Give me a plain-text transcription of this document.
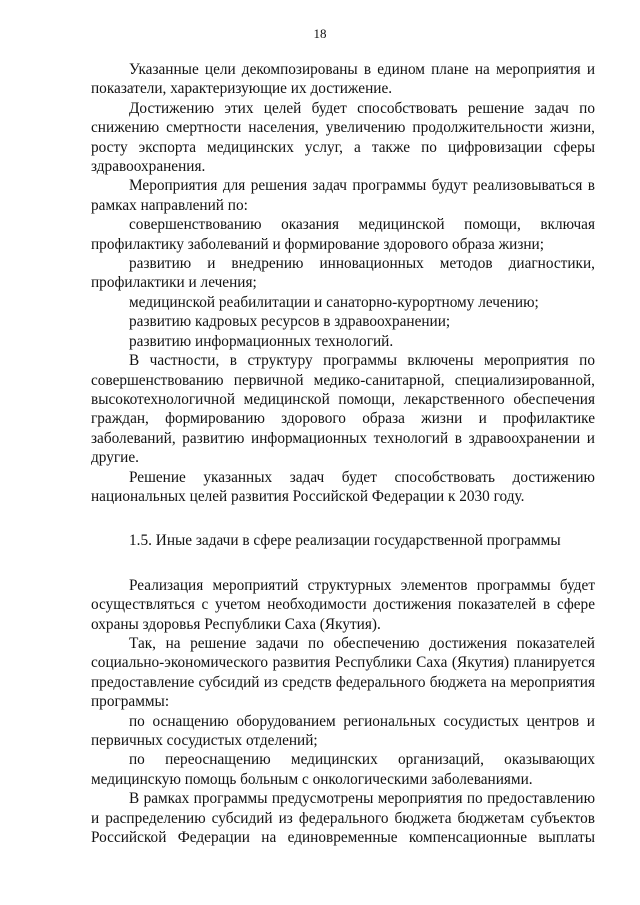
18

Указанные цели декомпозированы в едином плане на мероприятия и показатели, характеризующие их достижение.

Достижению этих целей будет способствовать решение задач по снижению смертности населения, увеличению продолжительности жизни, росту экспорта медицинских услуг, а также по цифровизации сферы здравоохранения.

Мероприятия для решения задач программы будут реализовываться в рамках направлений по:

совершенствованию оказания медицинской помощи, включая профилактику заболеваний и формирование здорового образа жизни;

развитию и внедрению инновационных методов диагностики, профилактики и лечения;

медицинской реабилитации и санаторно-курортному лечению;

развитию кадровых ресурсов в здравоохранении;

развитию информационных технологий.

В частности, в структуру программы включены мероприятия по совершенствованию первичной медико-санитарной, специализированной, высокотехнологичной медицинской помощи, лекарственного обеспечения граждан, формированию здорового образа жизни и профилактике заболеваний, развитию информационных технологий в здравоохранении и другие.

Решение указанных задач будет способствовать достижению национальных целей развития Российской Федерации к 2030 году.

1.5. Иные задачи в сфере реализации государственной программы

Реализация мероприятий структурных элементов программы будет осуществляться с учетом необходимости достижения показателей в сфере охраны здоровья Республики Саха (Якутия).

Так, на решение задачи по обеспечению достижения показателей социально-экономического развития Республики Саха (Якутия) планируется предоставление субсидий из средств федерального бюджета на мероприятия программы:

по оснащению оборудованием региональных сосудистых центров и первичных сосудистых отделений;

по переоснащению медицинских организаций, оказывающих медицинскую помощь больным с онкологическими заболеваниями.

В рамках программы предусмотрены мероприятия по предоставлению и распределению субсидий из федерального бюджета бюджетам субъектов Российской Федерации на единовременные компенсационные выплаты
